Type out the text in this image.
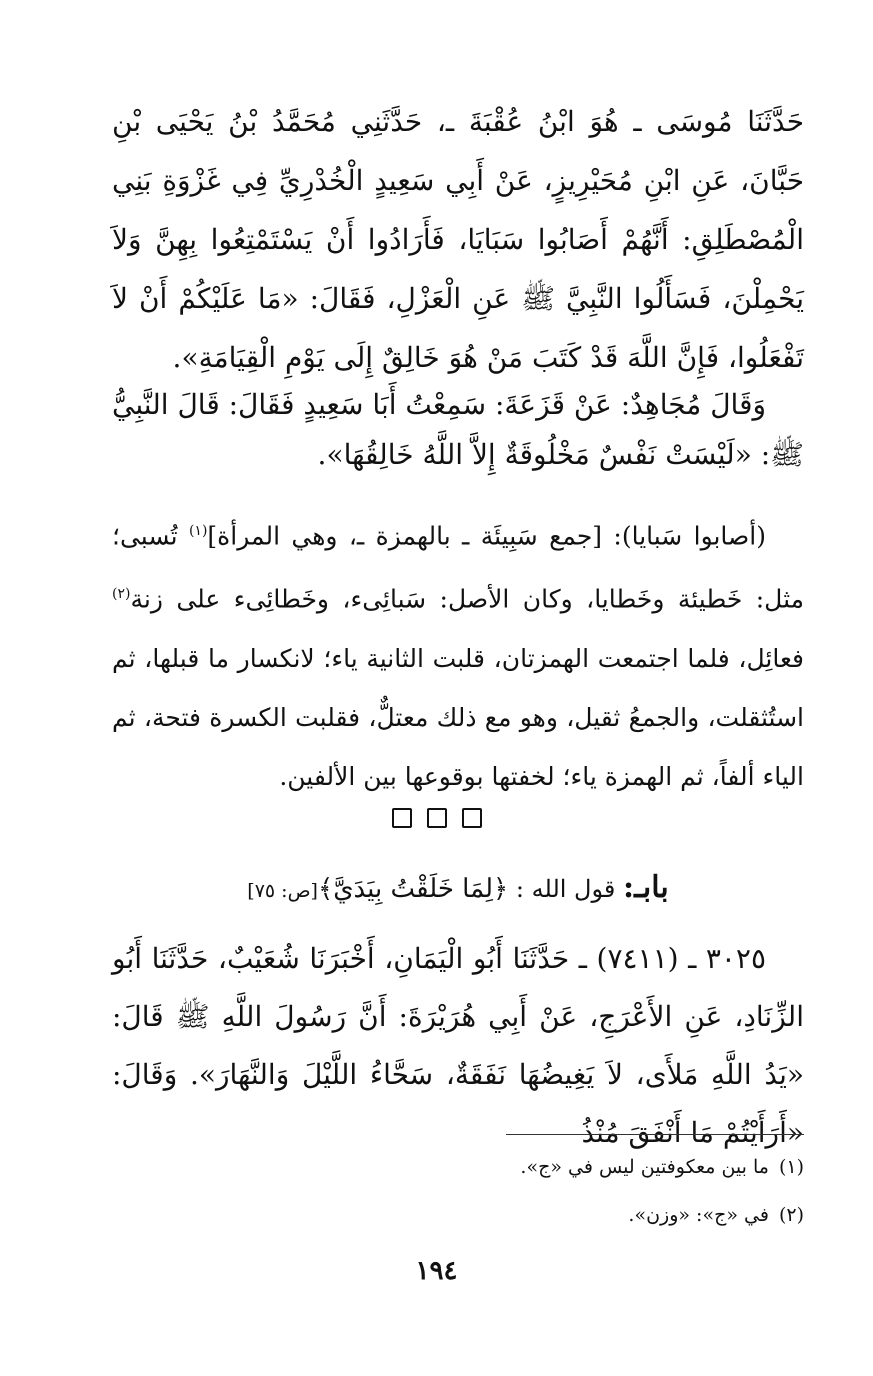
حَدَّثَنَا مُوسَى ـ هُوَ ابْنُ عُقْبَةَ ـ، حَدَّثَنِي مُحَمَّدُ بْنُ يَحْيَى بْنِ حَبَّانَ، عَنِ ابْنِ مُحَيْرِيزٍ، عَنْ أَبِي سَعِيدٍ الْخُدْرِيِّ فِي غَزْوَةِ بَنِي الْمُصْطَلِقِ: أَنَّهُمْ أَصَابُوا سَبَايَا، فَأَرَادُوا أَنْ يَسْتَمْتِعُوا بِهِنَّ وَلاَ يَحْمِلْنَ، فَسَأَلُوا النَّبِيَّ ﷺ عَنِ الْعَزْلِ، فَقَالَ: «مَا عَلَيْكُمْ أَنْ لاَ تَفْعَلُوا، فَإِنَّ اللَّهَ قَدْ كَتَبَ مَنْ هُوَ خَالِقٌ إِلَى يَوْمِ الْقِيَامَةِ».

وَقَالَ مُجَاهِدٌ: عَنْ قَزَعَةَ: سَمِعْتُ أَبَا سَعِيدٍ فَقَالَ: قَالَ النَّبِيُّ ﷺ: «لَيْسَتْ نَفْسٌ مَخْلُوقَةٌ إِلاَّ اللَّهُ خَالِقُهَا».

(أصابوا سَبايا): [جمع سَبِيئَة ـ بالهمزة ـ، وهي المرأة]$^{(١)}$ تُسبى؛ مثل: خَطيئة وخَطايا، وكان الأصل: سَبائِىء، وخَطائِىء على زنة$^{(٢)}$ فعائِل، فلما اجتمعت الهمزتان، قلبت الثانية ياء؛ لانكسار ما قبلها، ثم استُثقلت، والجمعُ ثقيل، وهو مع ذلك معتلٌّ، فقلبت الكسرة فتحة، ثم الياء ألفاً، ثم الهمزة ياء؛ لخفتها بوقوعها بين الألفين.

بابـ: قول الله : ﴿لِمَا خَلَقْتُ بِيَدَيَّ﴾[ص: ٧٥]

٣٠٢٥ ـ (٧٤١١) ـ حَدَّثَنَا أَبُو الْيَمَانِ، أَخْبَرَنَا شُعَيْبٌ، حَدَّثَنَا أَبُو الزِّنَادِ، عَنِ الأَعْرَجِ، عَنْ أَبِي هُرَيْرَةَ: أَنَّ رَسُولَ اللَّهِ ﷺ قَالَ: «يَدُ اللَّهِ مَلأَى، لاَ يَغِيضُهَا نَفَقَةٌ، سَحَّاءُ اللَّيْلَ وَالنَّهَارَ». وَقَالَ: «أَرَأَيْتُمْ مَا أَنْفَقَ مُنْذُ

(١)ما بين معكوفتين ليس في «ج».
(٢)في «ج»: «وزن».
١٩٤
